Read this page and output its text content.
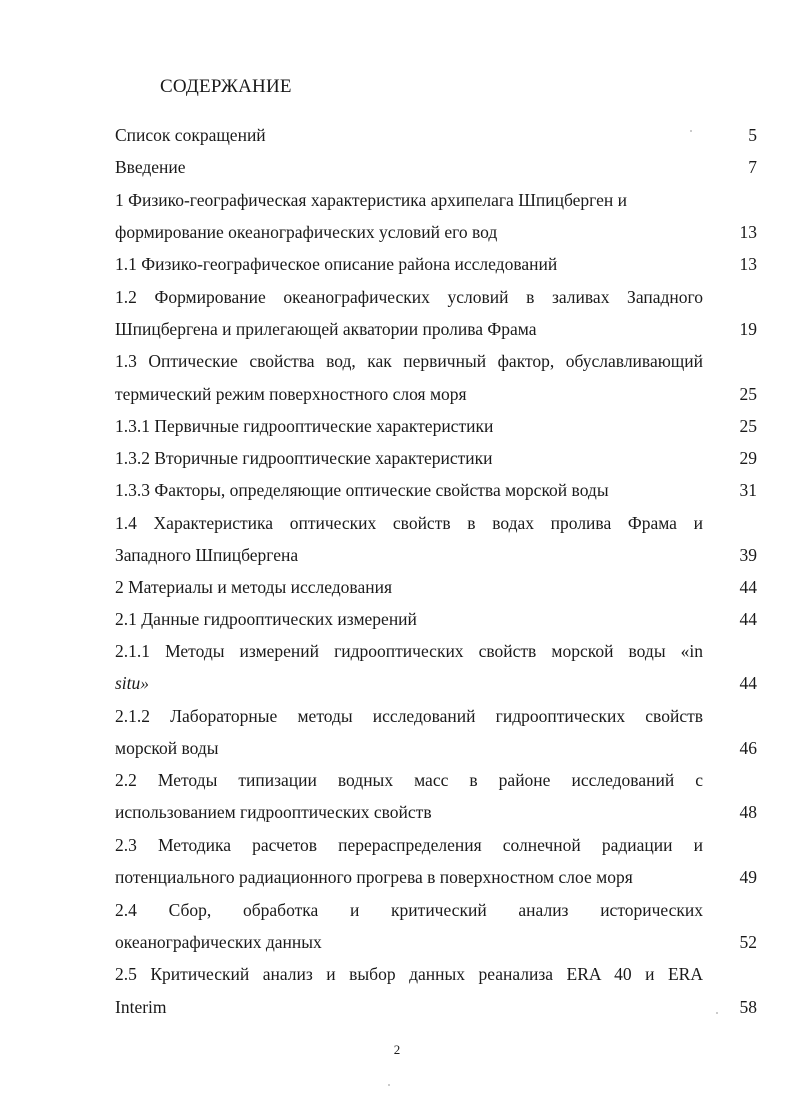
СОДЕРЖАНИЕ
Список сокращений	5
Введение	7
1 Физико-географическая характеристика архипелага Шпицберген и
формирование океанографических условий его вод	13
1.1 Физико-географическое описание района исследований	13
1.2 Формирование океанографических условий в заливах Западного
Шпицбергена и прилегающей акватории пролива Фрама	19
1.3 Оптические свойства вод, как первичный фактор, обуславливающий
термический режим поверхностного слоя моря	25
1.3.1 Первичные гидрооптические характеристики	25
1.3.2 Вторичные гидрооптические характеристики	29
1.3.3 Факторы, определяющие оптические свойства морской воды	31
1.4 Характеристика оптических свойств в водах пролива Фрама и
Западного Шпицбергена	39
2 Материалы и методы исследования	44
2.1 Данные гидрооптических измерений	44
2.1.1 Методы измерений гидрооптических свойств морской воды «in
situ»	44
2.1.2 Лабораторные методы исследований гидрооптических свойств
морской воды	46
2.2 Методы типизации водных масс в районе исследований с
использованием гидрооптических свойств	48
2.3 Методика расчетов перераспределения солнечной радиации и
потенциального радиационного прогрева в поверхностном слое моря	49
2.4 Сбор, обработка и критический анализ исторических
океанографических данных	52
2.5 Критический анализ и выбор данных реанализа ERA 40 и ERA
Interim	58
2
